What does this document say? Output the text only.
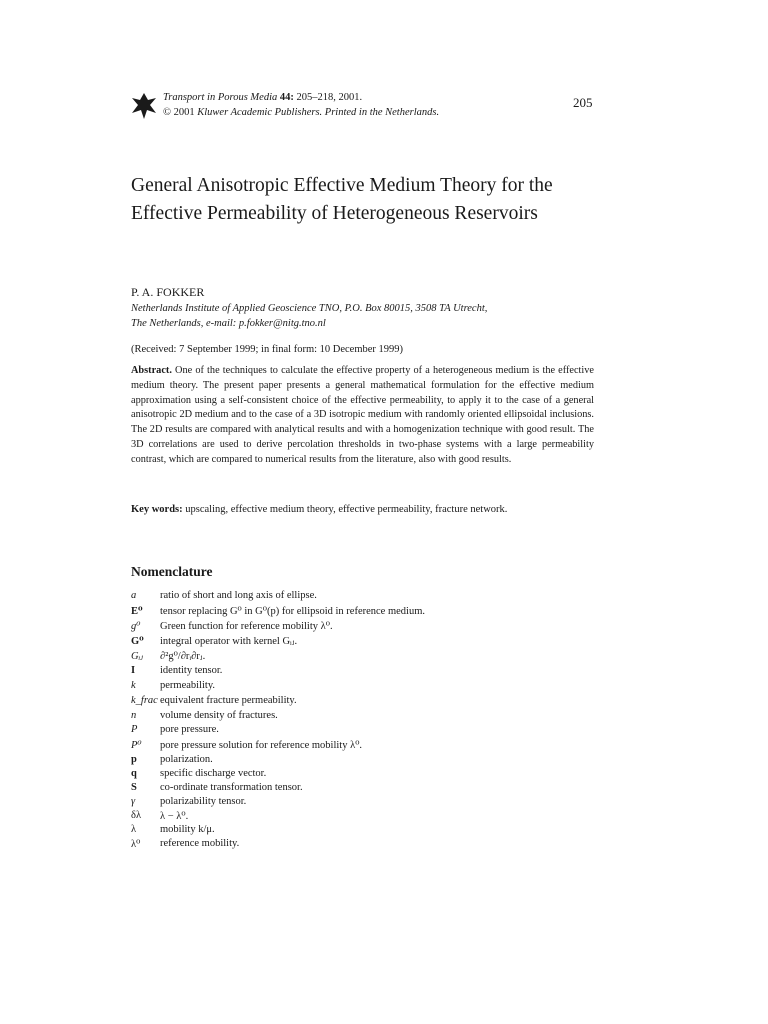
Transport in Porous Media 44: 205–218, 2001.
© 2001 Kluwer Academic Publishers. Printed in the Netherlands.
205
General Anisotropic Effective Medium Theory for the Effective Permeability of Heterogeneous Reservoirs
P. A. FOKKER
Netherlands Institute of Applied Geoscience TNO, P.O. Box 80015, 3508 TA Utrecht,
The Netherlands, e-mail: p.fokker@nitg.tno.nl
(Received: 7 September 1999; in final form: 10 December 1999)

Abstract. One of the techniques to calculate the effective property of a heterogeneous medium is the effective medium theory. The present paper presents a general mathematical formulation for the effective medium approximation using a self-consistent choice of the effective permeability, to apply it to the case of a general anisotropic 2D medium and to the case of a 3D isotropic medium with randomly oriented ellipsoidal inclusions. The 2D results are compared with analytical results and with a homogenization technique with good result. The 3D correlations are used to derive percolation thresholds in two-phase systems with a large permeability contrast, which are compared to numerical results from the literature, also with good results.

Key words: upscaling, effective medium theory, effective permeability, fracture network.
Nomenclature
a	ratio of short and long axis of ellipse.
E⁰	tensor replacing G⁰ in G⁰(p) for ellipsoid in reference medium.
g⁰	Green function for reference mobility λ⁰.
G⁰	integral operator with kernel Gᵢⱼ.
Gᵢⱼ	∂²g⁰/∂rᵢ∂rⱼ.
I	identity tensor.
k	permeability.
k_frac equivalent fracture permeability.
n	volume density of fractures.
P	pore pressure.
P⁰	pore pressure solution for reference mobility λ⁰.
p	polarization.
q	specific discharge vector.
S	co-ordinate transformation tensor.
γ	polarizability tensor.
δλ	λ − λ⁰.
λ	mobility k/μ.
λ⁰	reference mobility.
